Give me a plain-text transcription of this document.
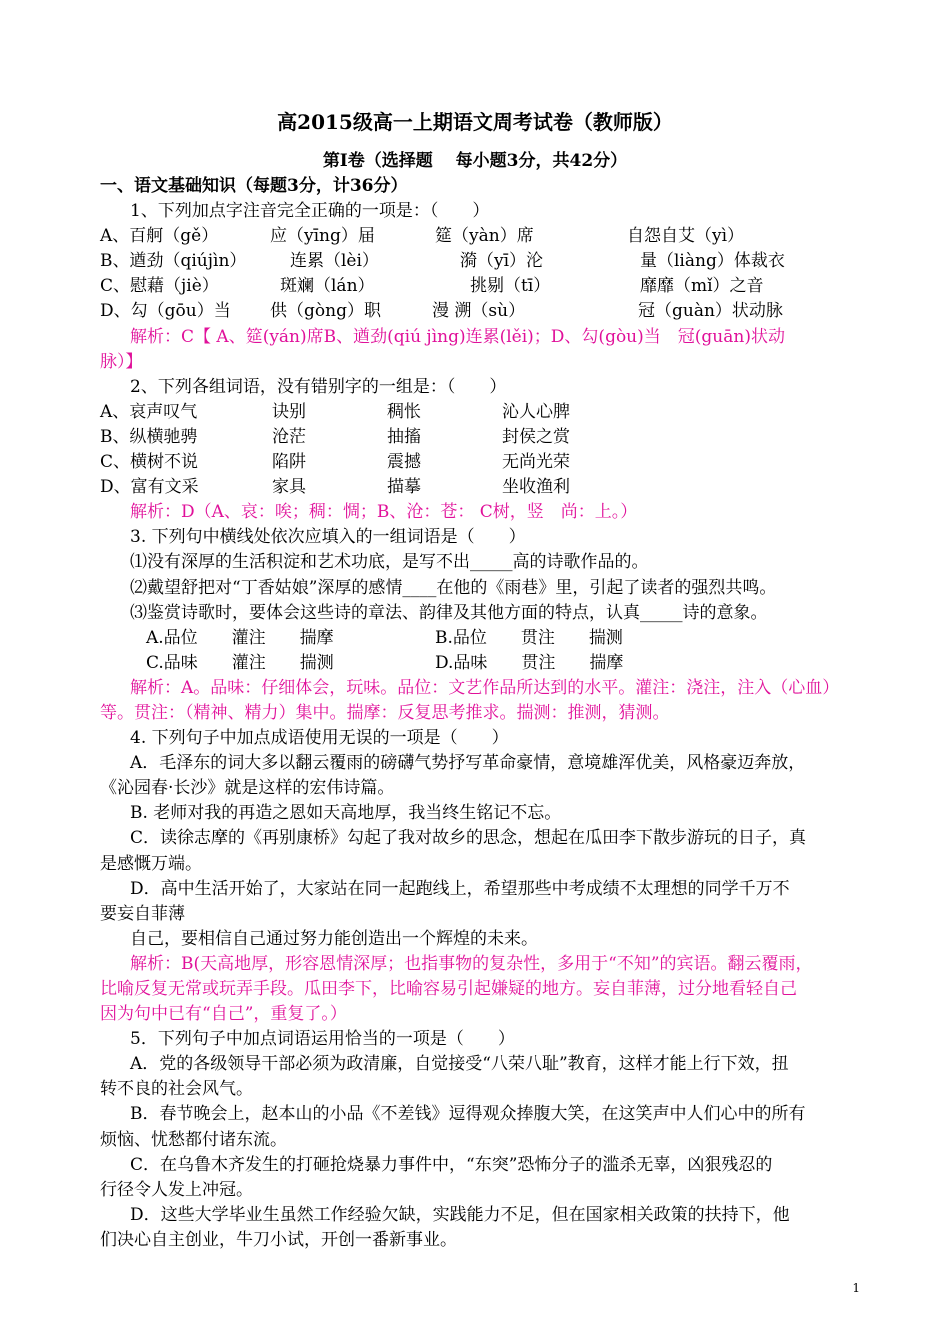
高2015级高一上期语文周考试卷（教师版）
第Ⅰ卷（选择题　 每小题3分，共42分）
一、语文基础知识（每题3分，计36分）
1、下列加点字注音完全正确的一项是：（　　）
A、百舸（gě）	应（yīng）届	筵（yàn）席	自怨自艾（yì）
B、遒劲（qiújìn）	连累（lèi）	漪（yī）沦	量（liàng）体裁衣
C、慰藉（jiè）	斑斓（lán）	挑剔（tī）	靡靡（mǐ）之音
D、勾（gōu）当 供（gòng）职	漫 溯（sù）	冠（guàn）状动脉
解析：C【 A、筵(yán)席B、遒劲(qiú jìng)连累(lěi)；D、勾(gòu)当　冠(guān)状动
脉）】
2、下列各组词语，没有错别字的一组是：（　　）
A、哀声叹气	诀别	稠怅	沁人心脾
B、纵横驰骋	沧茫	抽搐	封侯之赏
C、横树不说	陷阱	震撼	无尚光荣
D、富有文采	家具	描摹	坐收渔利
解析：D（A、哀：唉；稠：惆；B、沧：苍： C树，竖　尚：上。）
3. 下列句中横线处依次应填入的一组词语是（　　）
⑴没有深厚的生活积淀和艺术功底，是写不出_____高的诗歌作品的。
⑵戴望舒把对“丁香姑娘”深厚的感情____在他的《雨巷》里，引起了读者的强烈共鸣。
⑶鉴赏诗歌时，要体会这些诗的章法、韵律及其他方面的特点，认真_____诗的意象。
A.品位　　灌注　　揣摩	B.品位　　贯注　　揣测
C.品味　　灌注　　揣测	D.品味　　贯注　　揣摩
解析：A。品味：仔细体会，玩味。品位：文艺作品所达到的水平。灌注：浇注，注入（心血）
等。贯注：（精神、精力）集中。揣摩：反复思考推求。揣测：推测，猜测。
4. 下列句子中加点成语使用无误的一项是（　　）
A．毛泽东的词大多以翻云覆雨的磅礴气势抒写革命豪情，意境雄浑优美，风格豪迈奔放，
《沁园春·长沙》就是这样的宏伟诗篇。
B. 老师对我的再造之恩如天高地厚，我当终生铭记不忘。
C．读徐志摩的《再别康桥》勾起了我对故乡的思念，想起在瓜田李下散步游玩的日子，真
是感慨万端。
D．高中生活开始了，大家站在同一起跑线上，希望那些中考成绩不太理想的同学千万不
要妄自菲薄
自己，要相信自己通过努力能创造出一个辉煌的未来。
解析：B(天高地厚，形容恩情深厚；也指事物的复杂性，多用于“不知”的宾语。翻云覆雨，
比喻反复无常或玩弄手段。瓜田李下，比喻容易引起嫌疑的地方。妄自菲薄，过分地看轻自己
因为句中已有“自己”，重复了。）
5．下列句子中加点词语运用恰当的一项是（　　）
A．党的各级领导干部必须为政清廉，自觉接受“八荣八耻”教育，这样才能上行下效，扭
转不良的社会风气。
B．春节晚会上，赵本山的小品《不差钱》逗得观众捧腹大笑，在这笑声中人们心中的所有
烦恼、忧愁都付诸东流。
C．在乌鲁木齐发生的打砸抢烧暴力事件中，“东突”恐怖分子的滥杀无辜，凶狠残忍的
行径令人发上冲冠。
D．这些大学毕业生虽然工作经验欠缺，实践能力不足，但在国家相关政策的扶持下，他
们决心自主创业，牛刀小试，开创一番新事业。
1
